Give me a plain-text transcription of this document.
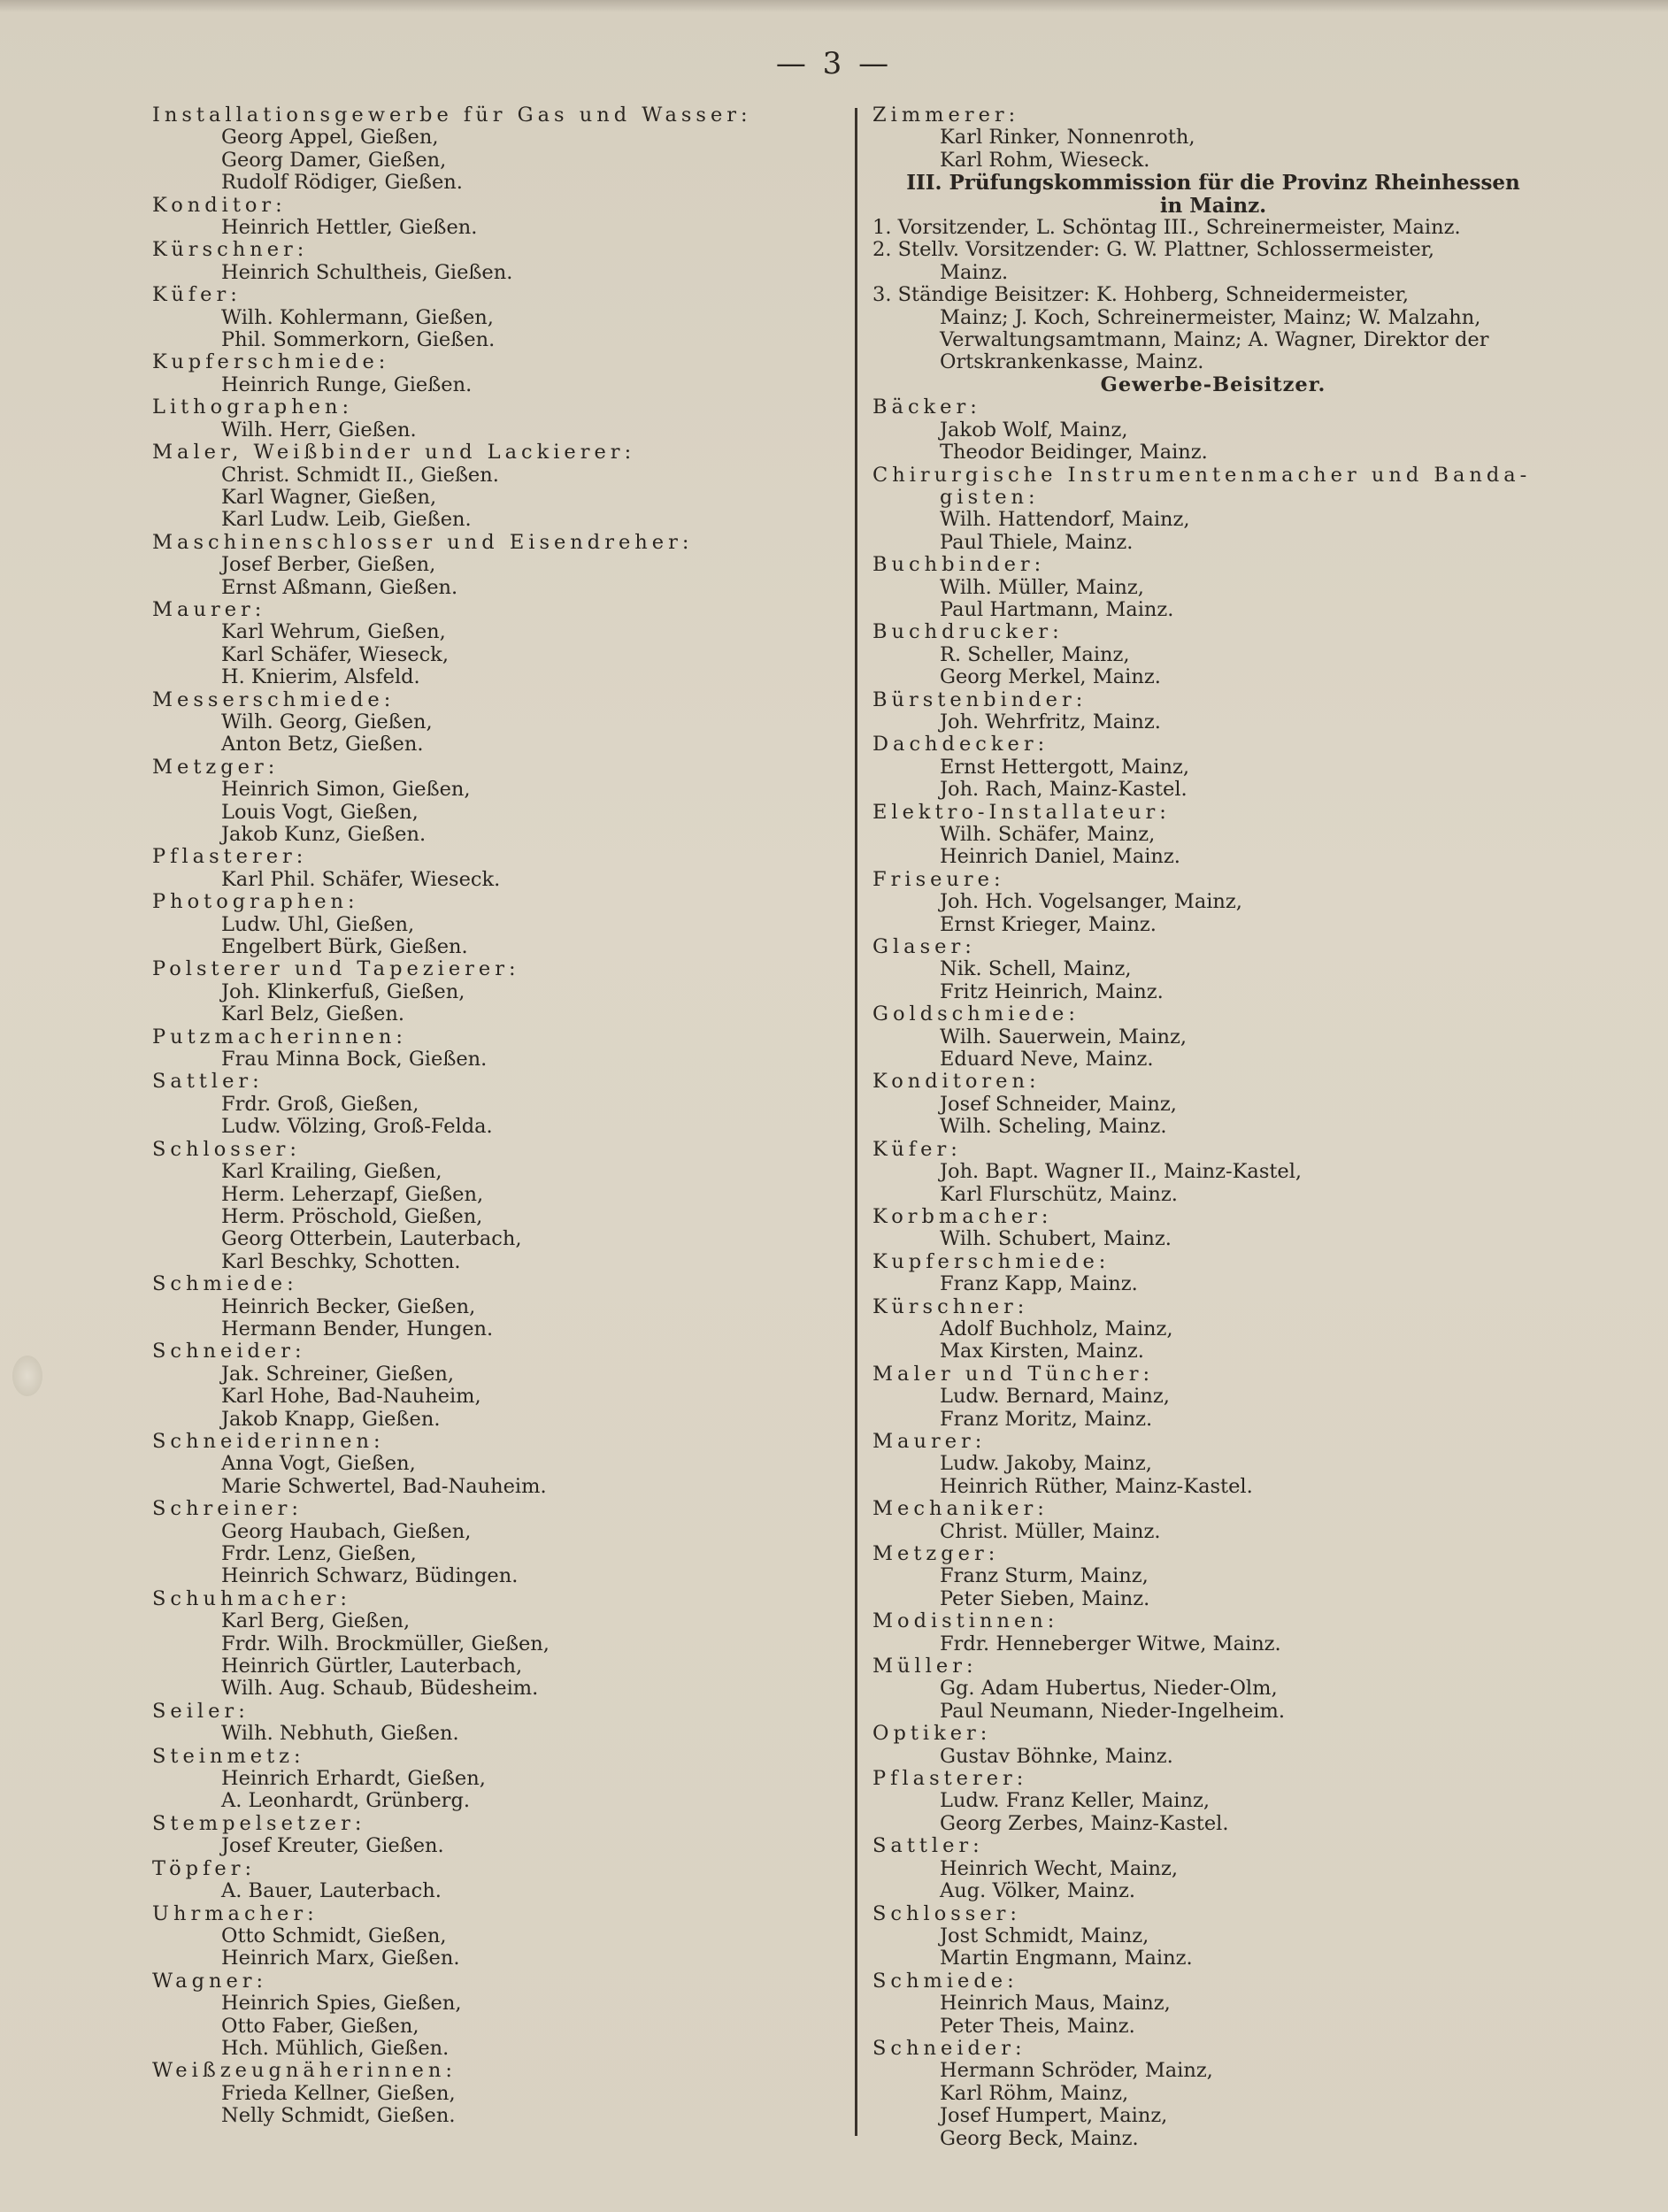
— 3 —
Installationsgewerbe für Gas und Wasser:
Georg Appel, Gießen,
Georg Damer, Gießen,
Rudolf Rödiger, Gießen.
Konditor:
Heinrich Hettler, Gießen.
Kürschner:
Heinrich Schultheis, Gießen.
Küfer:
Wilh. Kohlermann, Gießen,
Phil. Sommerkorn, Gießen.
Kupferschmiede:
Heinrich Runge, Gießen.
Lithographen:
Wilh. Herr, Gießen.
Maler, Weißbinder und Lackierer:
Christ. Schmidt II., Gießen.
Karl Wagner, Gießen,
Karl Ludw. Leib, Gießen.
Maschinenschlosser und Eisendreher:
Josef Berber, Gießen,
Ernst Aßmann, Gießen.
Maurer:
Karl Wehrum, Gießen,
Karl Schäfer, Wieseck,
H. Knierim, Alsfeld.
Messerschmiede:
Wilh. Georg, Gießen,
Anton Betz, Gießen.
Metzger:
Heinrich Simon, Gießen,
Louis Vogt, Gießen,
Jakob Kunz, Gießen.
Pflasterer:
Karl Phil. Schäfer, Wieseck.
Photographen:
Ludw. Uhl, Gießen,
Engelbert Bürk, Gießen.
Polsterer und Tapezierer:
Joh. Klinkerfuß, Gießen,
Karl Belz, Gießen.
Putzmacherinnen:
Frau Minna Bock, Gießen.
Sattler:
Frdr. Groß, Gießen,
Ludw. Völzing, Groß-Felda.
Schlosser:
Karl Krailing, Gießen,
Herm. Leherzapf, Gießen,
Herm. Pröschold, Gießen,
Georg Otterbein, Lauterbach,
Karl Beschky, Schotten.
Schmiede:
Heinrich Becker, Gießen,
Hermann Bender, Hungen.
Schneider:
Jak. Schreiner, Gießen,
Karl Hohe, Bad-Nauheim,
Jakob Knapp, Gießen.
Schneiderinnen:
Anna Vogt, Gießen,
Marie Schwertel, Bad-Nauheim.
Schreiner:
Georg Haubach, Gießen,
Frdr. Lenz, Gießen,
Heinrich Schwarz, Büdingen.
Schuhmacher:
Karl Berg, Gießen,
Frdr. Wilh. Brockmüller, Gießen,
Heinrich Gürtler, Lauterbach,
Wilh. Aug. Schaub, Büdesheim.
Seiler:
Wilh. Nebhuth, Gießen.
Steinmetz:
Heinrich Erhardt, Gießen,
A. Leonhardt, Grünberg.
Stempelsetzer:
Josef Kreuter, Gießen.
Töpfer:
A. Bauer, Lauterbach.
Uhrmacher:
Otto Schmidt, Gießen,
Heinrich Marx, Gießen.
Wagner:
Heinrich Spies, Gießen,
Otto Faber, Gießen,
Hch. Mühlich, Gießen.
Weißzeugnäherinnen:
Frieda Kellner, Gießen,
Nelly Schmidt, Gießen.
Zimmerer:
Karl Rinker, Nonnenroth,
Karl Rohm, Wieseck.
III. Prüfungskommission für die Provinz Rheinhessen
in Mainz.
1. Vorsitzender, L. Schöntag III., Schreinermeister, Mainz.
2. Stellv. Vorsitzender: G. W. Plattner, Schlossermeister,
Mainz.
3. Ständige Beisitzer: K. Hohberg, Schneidermeister,
Mainz; J. Koch, Schreinermeister, Mainz; W. Malzahn,
Verwaltungsamtmann, Mainz; A. Wagner, Direktor der
Ortskrankenkasse, Mainz.
Gewerbe-Beisitzer.
Bäcker:
Jakob Wolf, Mainz,
Theodor Beidinger, Mainz.
Chirurgische Instrumentenmacher und Banda-
gisten:
Wilh. Hattendorf, Mainz,
Paul Thiele, Mainz.
Buchbinder:
Wilh. Müller, Mainz,
Paul Hartmann, Mainz.
Buchdrucker:
R. Scheller, Mainz,
Georg Merkel, Mainz.
Bürstenbinder:
Joh. Wehrfritz, Mainz.
Dachdecker:
Ernst Hettergott, Mainz,
Joh. Rach, Mainz-Kastel.
Elektro-Installateur:
Wilh. Schäfer, Mainz,
Heinrich Daniel, Mainz.
Friseure:
Joh. Hch. Vogelsanger, Mainz,
Ernst Krieger, Mainz.
Glaser:
Nik. Schell, Mainz,
Fritz Heinrich, Mainz.
Goldschmiede:
Wilh. Sauerwein, Mainz,
Eduard Neve, Mainz.
Konditoren:
Josef Schneider, Mainz,
Wilh. Scheling, Mainz.
Küfer:
Joh. Bapt. Wagner II., Mainz-Kastel,
Karl Flurschütz, Mainz.
Korbmacher:
Wilh. Schubert, Mainz.
Kupferschmiede:
Franz Kapp, Mainz.
Kürschner:
Adolf Buchholz, Mainz,
Max Kirsten, Mainz.
Maler und Tüncher:
Ludw. Bernard, Mainz,
Franz Moritz, Mainz.
Maurer:
Ludw. Jakoby, Mainz,
Heinrich Rüther, Mainz-Kastel.
Mechaniker:
Christ. Müller, Mainz.
Metzger:
Franz Sturm, Mainz,
Peter Sieben, Mainz.
Modistinnen:
Frdr. Henneberger Witwe, Mainz.
Müller:
Gg. Adam Hubertus, Nieder-Olm,
Paul Neumann, Nieder-Ingelheim.
Optiker:
Gustav Böhnke, Mainz.
Pflasterer:
Ludw. Franz Keller, Mainz,
Georg Zerbes, Mainz-Kastel.
Sattler:
Heinrich Wecht, Mainz,
Aug. Völker, Mainz.
Schlosser:
Jost Schmidt, Mainz,
Martin Engmann, Mainz.
Schmiede:
Heinrich Maus, Mainz,
Peter Theis, Mainz.
Schneider:
Hermann Schröder, Mainz,
Karl Röhm, Mainz,
Josef Humpert, Mainz,
Georg Beck, Mainz.
